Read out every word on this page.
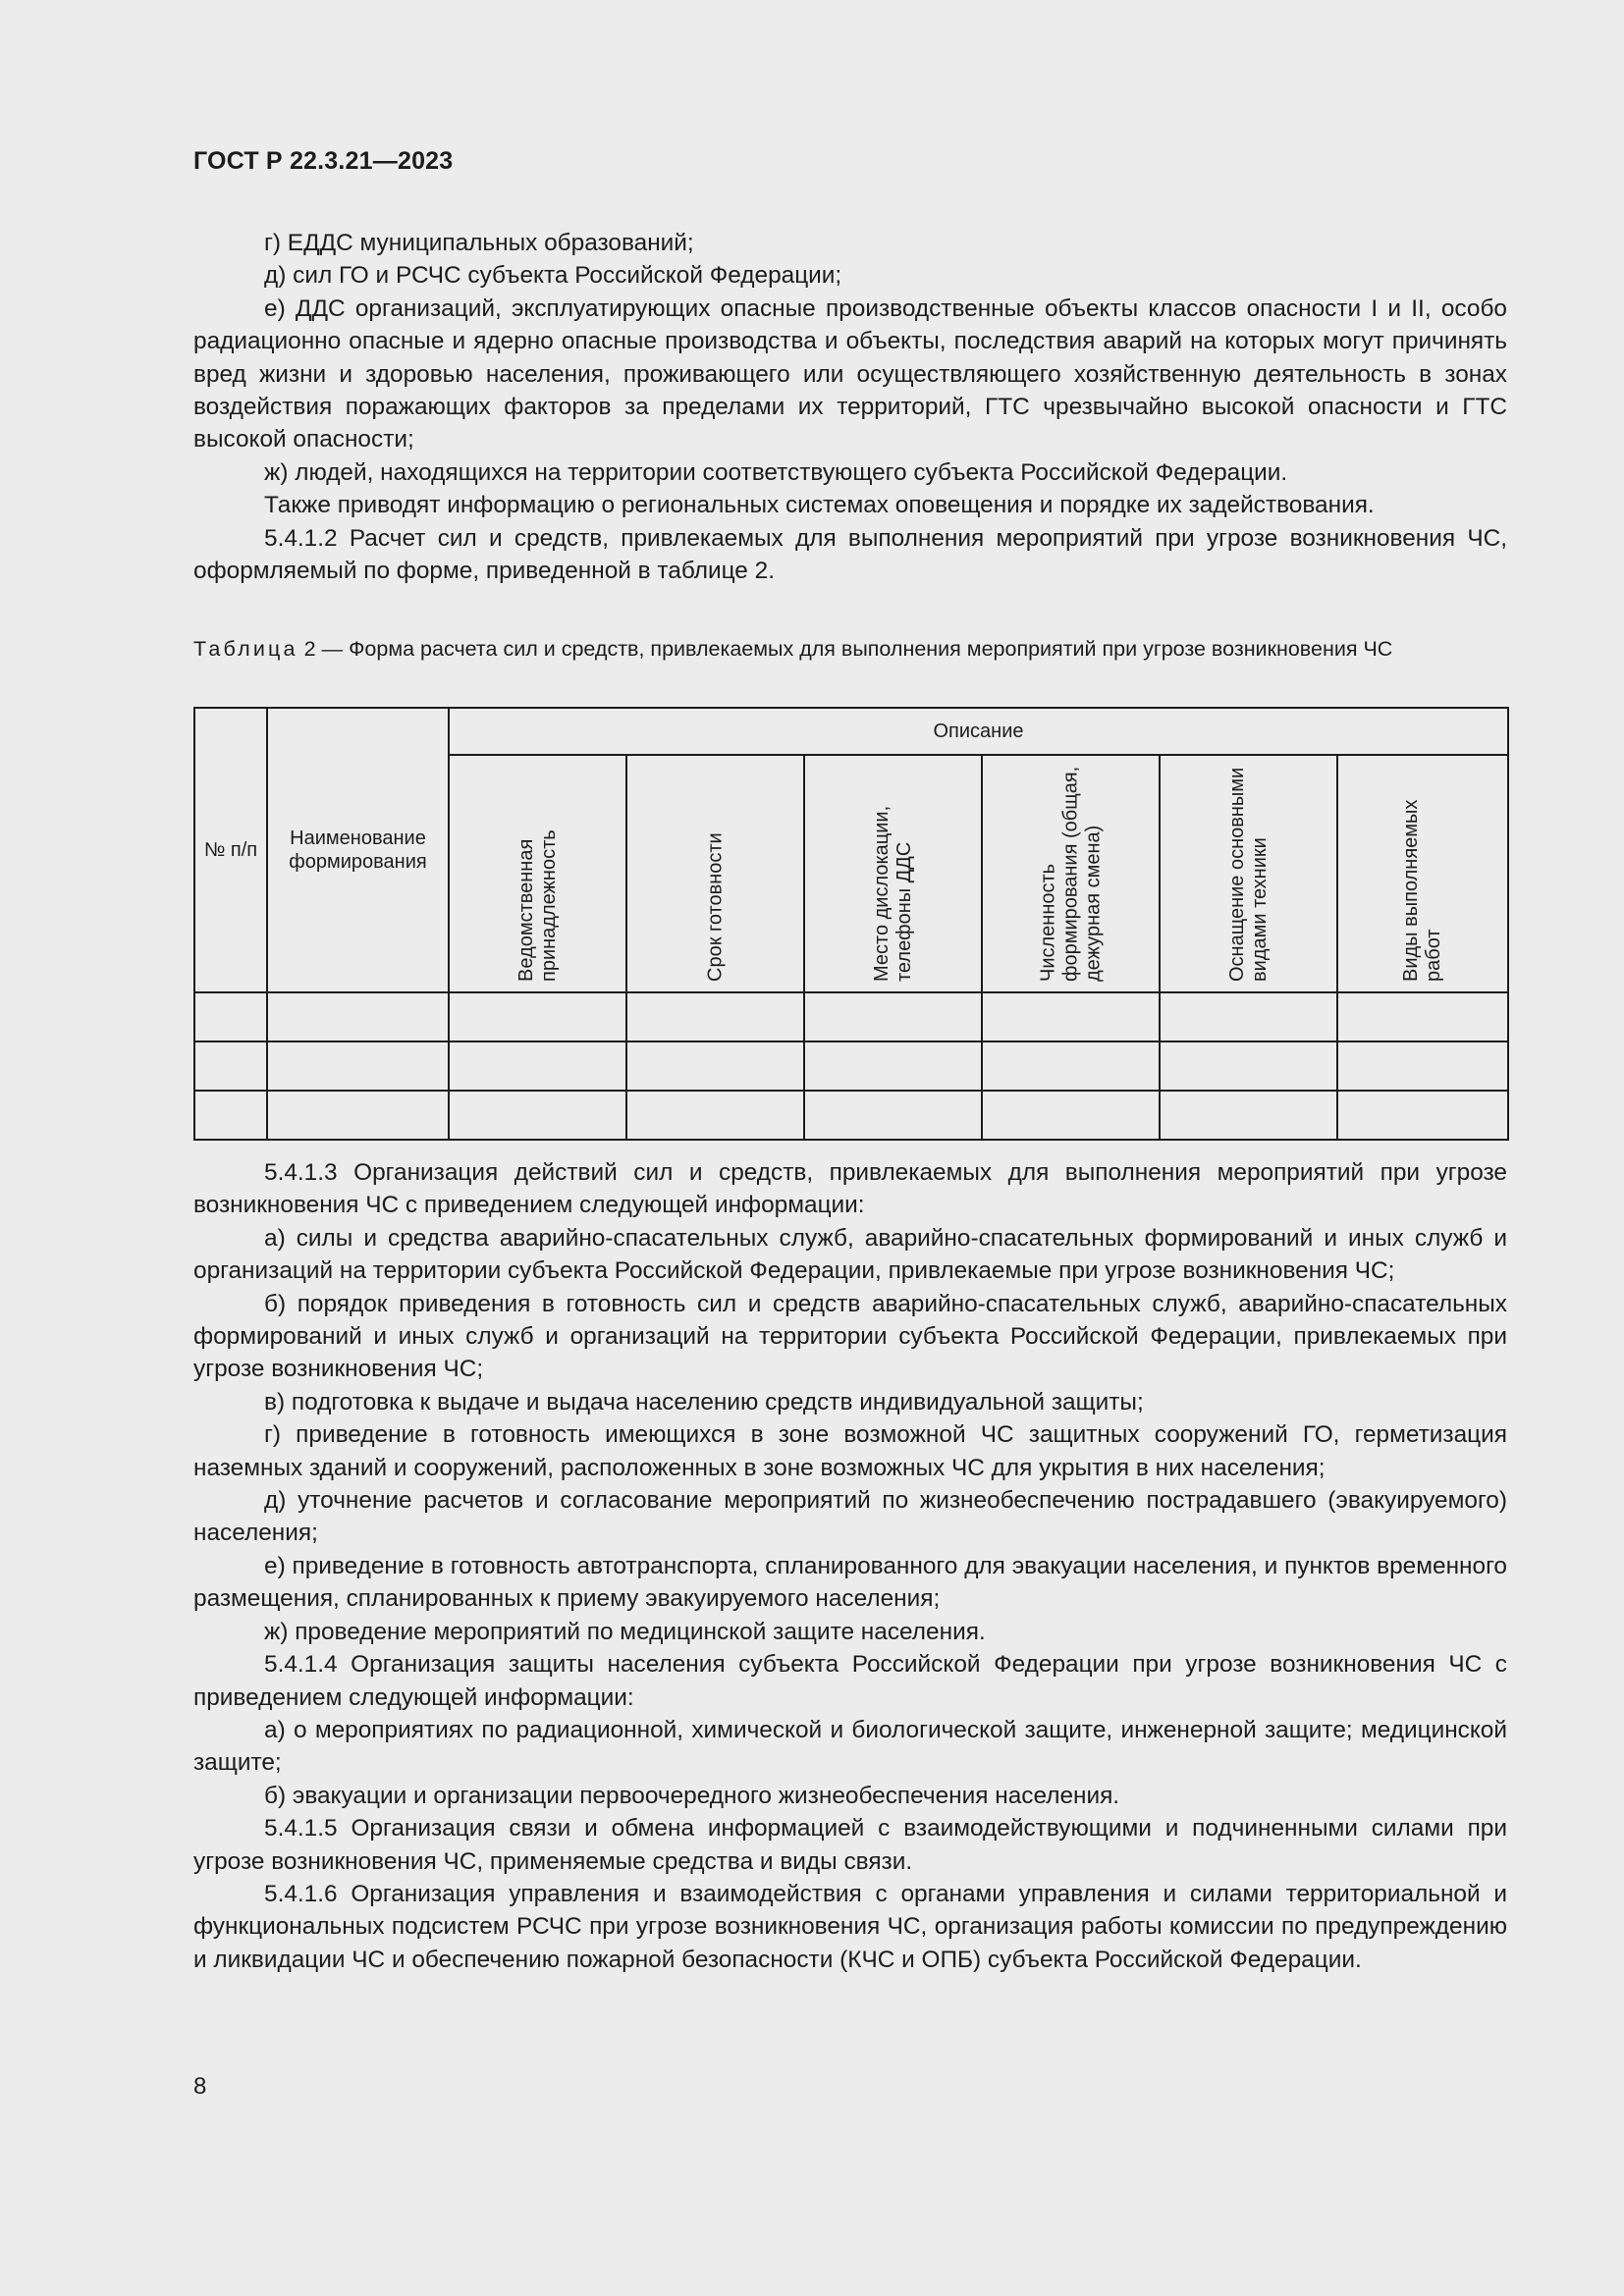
ГОСТ Р 22.3.21—2023

г) ЕДДС муниципальных образований;

д) сил ГО и РСЧС субъекта Российской Федерации;

е) ДДС организаций, эксплуатирующих опасные производственные объекты классов опасности I и II, особо радиационно опасные и ядерно опасные производства и объекты, последствия аварий на которых могут причинять вред жизни и здоровью населения, проживающего или осуществляющего хозяйственную деятельность в зонах воздействия поражающих факторов за пределами их территорий, ГТС чрезвычайно высокой опасности и ГТС высокой опасности;

ж) людей, находящихся на территории соответствующего субъекта Российской Федерации.

Также приводят информацию о региональных системах оповещения и порядке их задействования.

5.4.1.2 Расчет сил и средств, привлекаемых для выполнения мероприятий при угрозе возникновения ЧС, оформляемый по форме, приведенной в таблице 2.

Таблица 2 — Форма расчета сил и средств, привлекаемых для выполнения мероприятий при угрозе возникновения ЧС
№ п/п	Наименование формирования	Описание					

		Ведомственная принадлежность	Срок готовности	Место дислокации, телефоны ДДС	Численность формирования (общая, дежурная смена)	Оснащение основными видами техники	Виды выполняемых работ

5.4.1.3 Организация действий сил и средств, привлекаемых для выполнения мероприятий при угрозе возникновения ЧС с приведением следующей информации:

а) силы и средства аварийно-спасательных служб, аварийно-спасательных формирований и иных служб и организаций на территории субъекта Российской Федерации, привлекаемые при угрозе возникновения ЧС;

б) порядок приведения в готовность сил и средств аварийно-спасательных служб, аварийно-спасательных формирований и иных служб и организаций на территории субъекта Российской Федерации, привлекаемых при угрозе возникновения ЧС;

в) подготовка к выдаче и выдача населению средств индивидуальной защиты;

г) приведение в готовность имеющихся в зоне возможной ЧС защитных сооружений ГО, герметизация наземных зданий и сооружений, расположенных в зоне возможных ЧС для укрытия в них населения;

д) уточнение расчетов и согласование мероприятий по жизнеобеспечению пострадавшего (эвакуируемого) населения;

е) приведение в готовность автотранспорта, спланированного для эвакуации населения, и пунктов временного размещения, спланированных к приему эвакуируемого населения;

ж) проведение мероприятий по медицинской защите населения.

5.4.1.4 Организация защиты населения субъекта Российской Федерации при угрозе возникновения ЧС с приведением следующей информации:

а) о мероприятиях по радиационной, химической и биологической защите, инженерной защите; медицинской защите;

б) эвакуации и организации первоочередного жизнеобеспечения населения.

5.4.1.5 Организация связи и обмена информацией с взаимодействующими и подчиненными силами при угрозе возникновения ЧС, применяемые средства и виды связи.

5.4.1.6 Организация управления и взаимодействия с органами управления и силами территориальной и функциональных подсистем РСЧС при угрозе возникновения ЧС, организация работы комиссии по предупреждению и ликвидации ЧС и обеспечению пожарной безопасности (КЧС и ОПБ) субъекта Российской Федерации.

8
